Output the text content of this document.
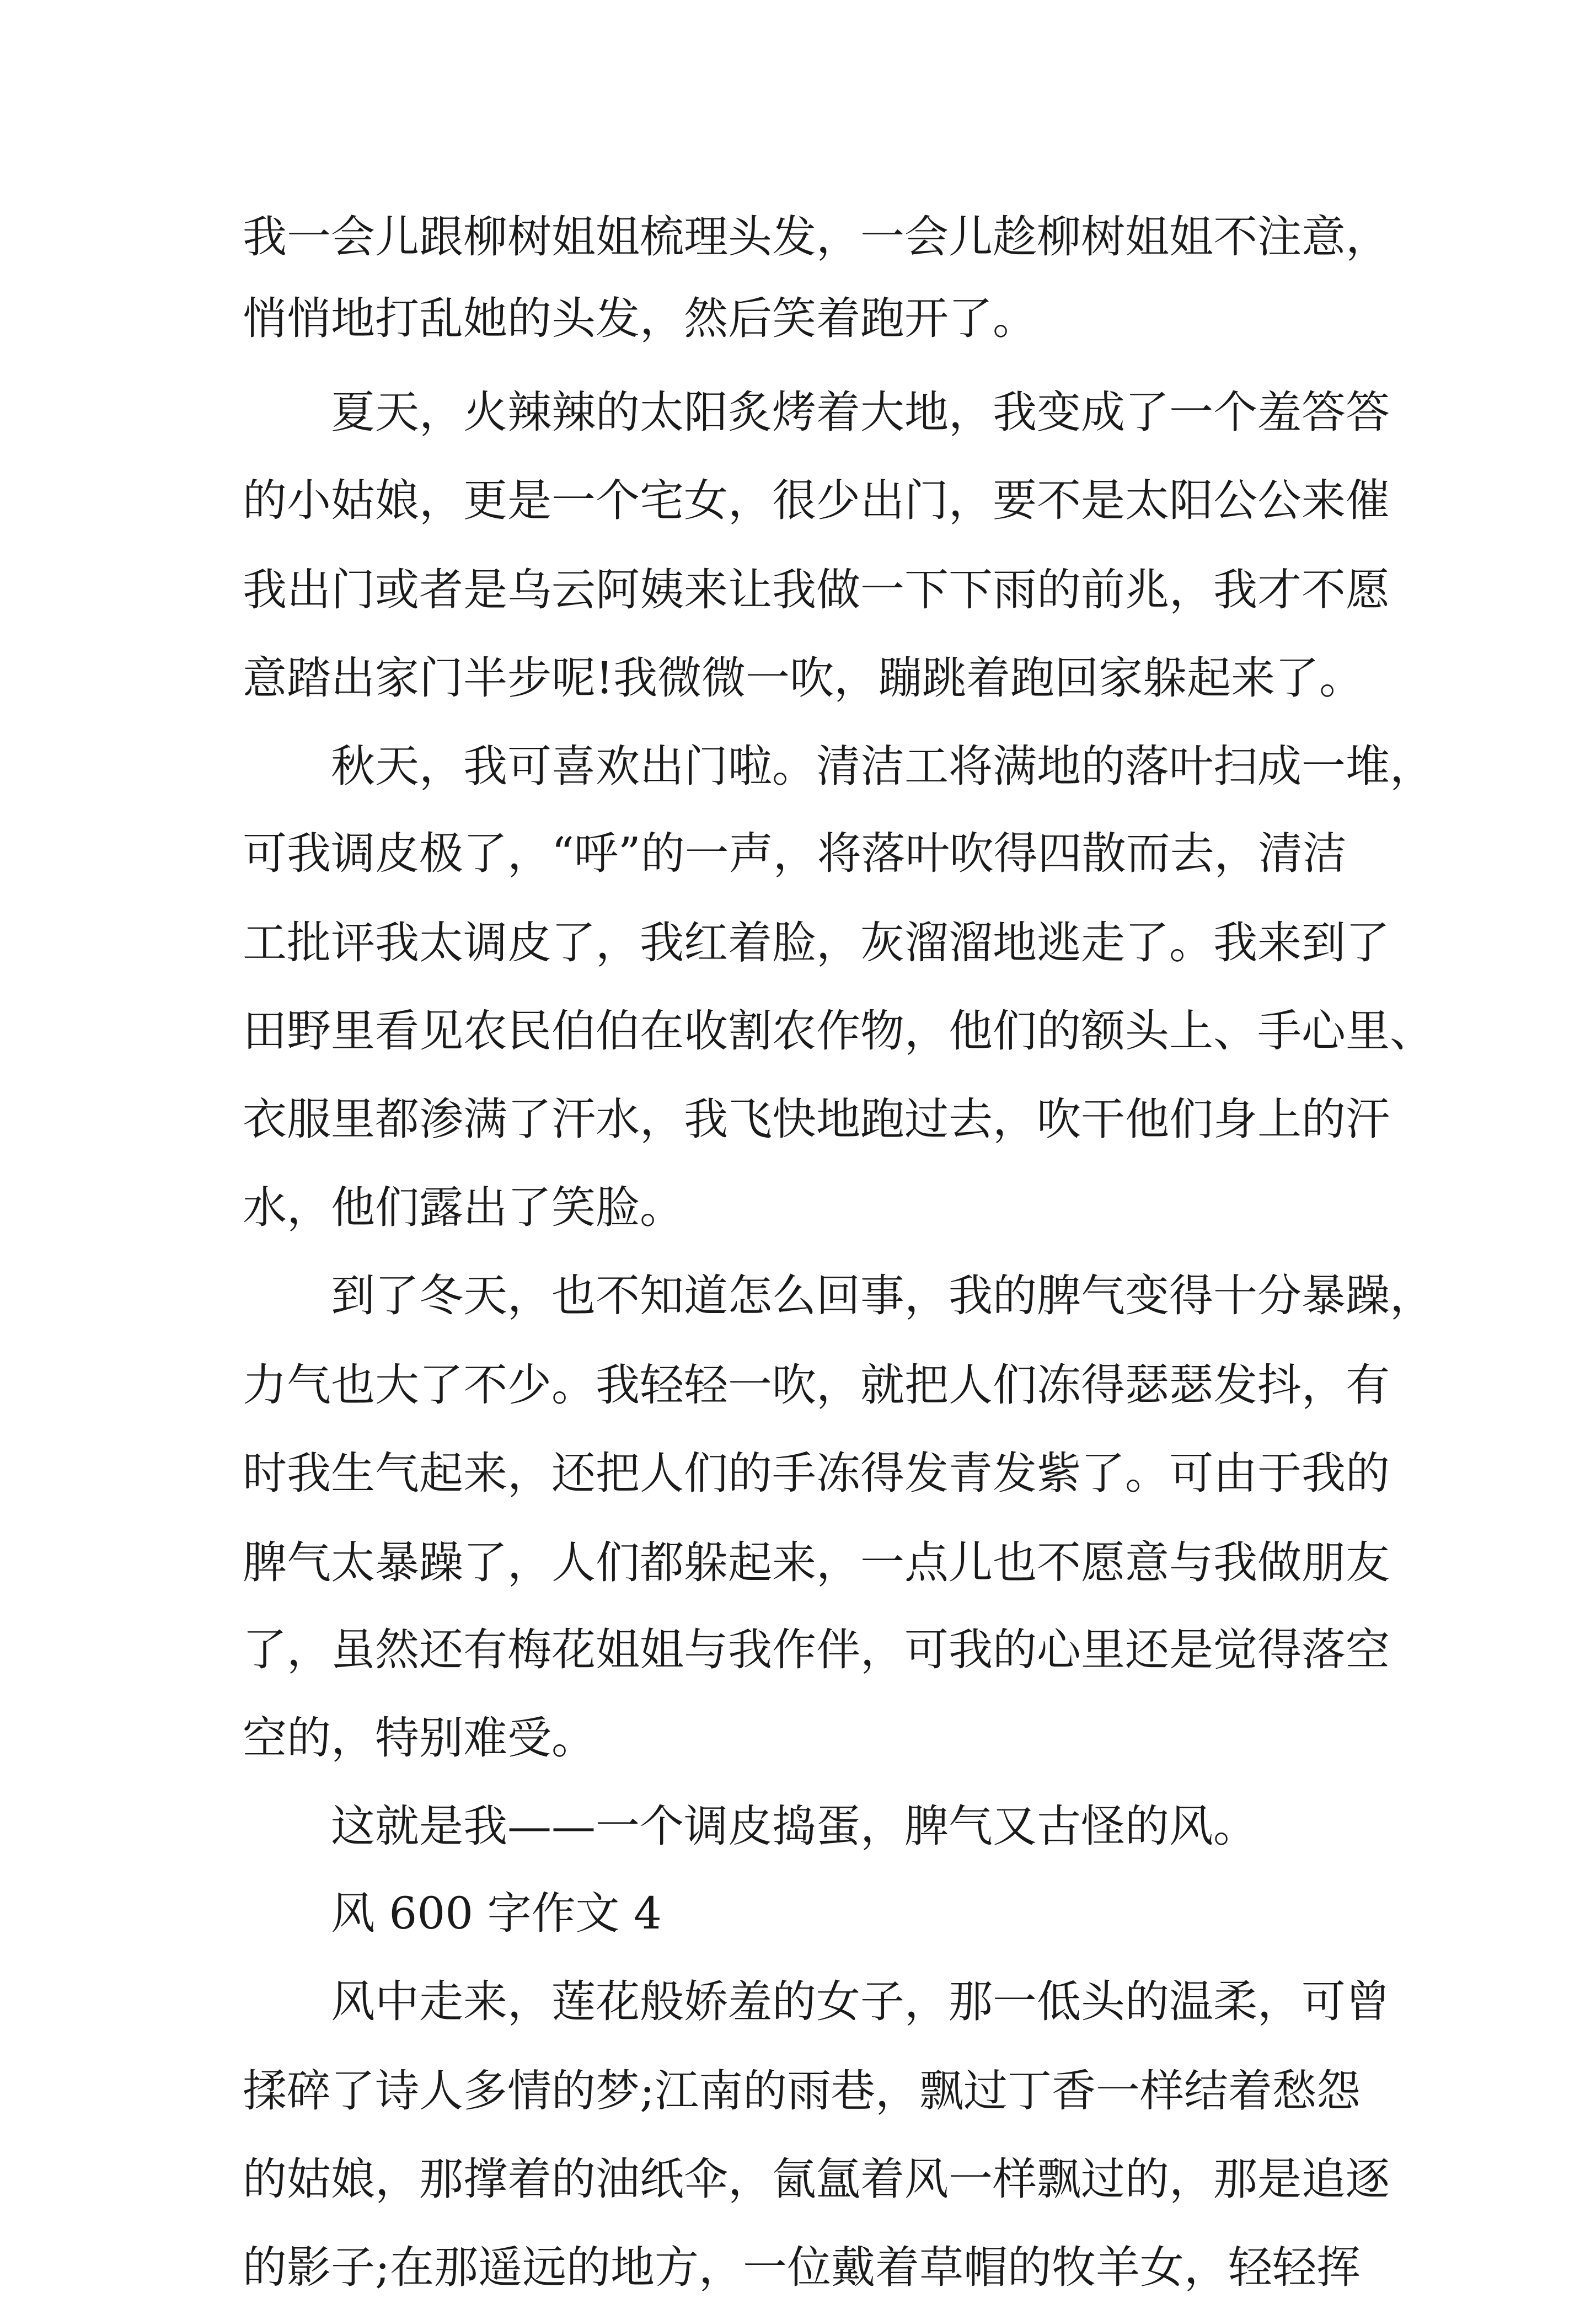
我一会儿跟柳树姐姐梳理头发，一会儿趁柳树姐姐不注意，
悄悄地打乱她的头发，然后笑着跑开了。
夏天，火辣辣的太阳炙烤着大地，我变成了一个羞答答
的小姑娘，更是一个宅女，很少出门，要不是太阳公公来催
我出门或者是乌云阿姨来让我做一下下雨的前兆，我才不愿
意踏出家门半步呢!我微微一吹，蹦跳着跑回家躲起来了。
秋天，我可喜欢出门啦。清洁工将满地的落叶扫成一堆，
可我调皮极了，“呼”的一声，将落叶吹得四散而去，清洁
工批评我太调皮了，我红着脸，灰溜溜地逃走了。我来到了
田野里看见农民伯伯在收割农作物，他们的额头上、手心里、
衣服里都渗满了汗水，我飞快地跑过去，吹干他们身上的汗
水，他们露出了笑脸。
到了冬天，也不知道怎么回事，我的脾气变得十分暴躁，
力气也大了不少。我轻轻一吹，就把人们冻得瑟瑟发抖，有
时我生气起来，还把人们的手冻得发青发紫了。可由于我的
脾气太暴躁了，人们都躲起来，一点儿也不愿意与我做朋友
了，虽然还有梅花姐姐与我作伴，可我的心里还是觉得落空
空的，特别难受。
这就是我——一个调皮捣蛋，脾气又古怪的风。
风 600 字作文 4
风中走来，莲花般娇羞的女子，那一低头的温柔，可曾
揉碎了诗人多情的梦;江南的雨巷，飘过丁香一样结着愁怨
的姑娘，那撑着的油纸伞，氤氲着风一样飘过的，那是追逐
的影子;在那遥远的地方，一位戴着草帽的牧羊女，轻轻挥
